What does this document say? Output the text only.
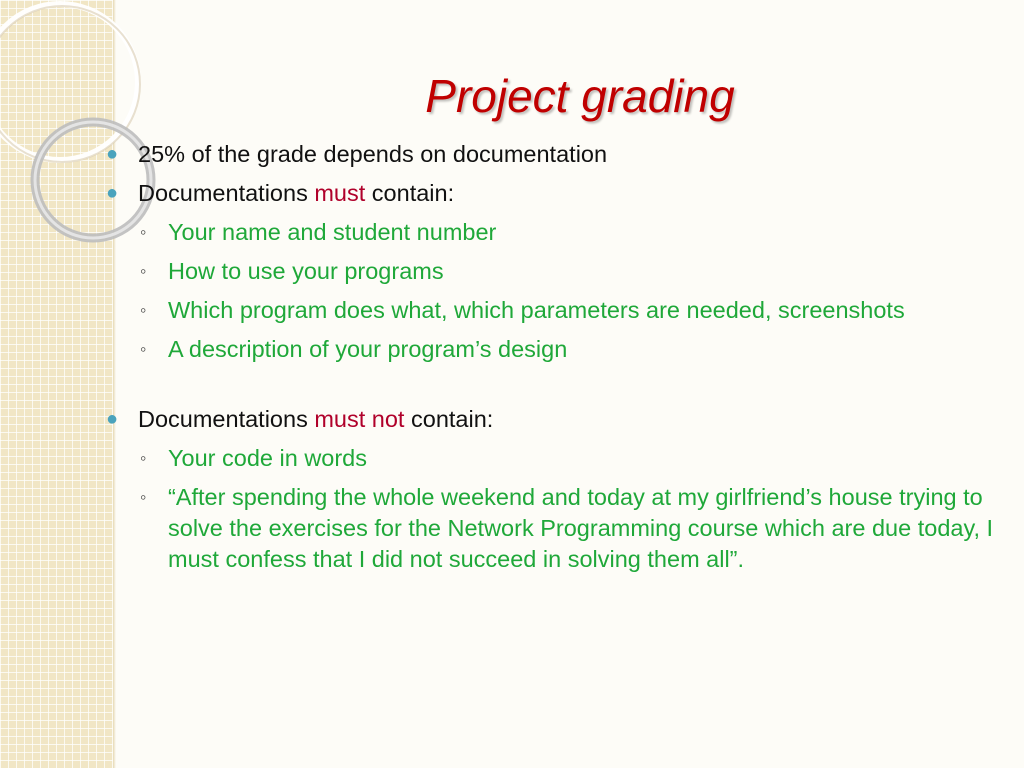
Project grading
● 25% of the grade depends on documentation
● Documentations must contain:
◦ Your name and student number
◦ How to use your programs
◦ Which program does what, which parameters are needed, screenshots
◦ A description of your program’s design
● Documentations must not contain:
◦ Your code in words
◦ “After spending the whole weekend and today at my girlfriend’s house trying to solve the exercises for the Network Programming course which are due today, I must confess that I did not succeed in solving them all”.
